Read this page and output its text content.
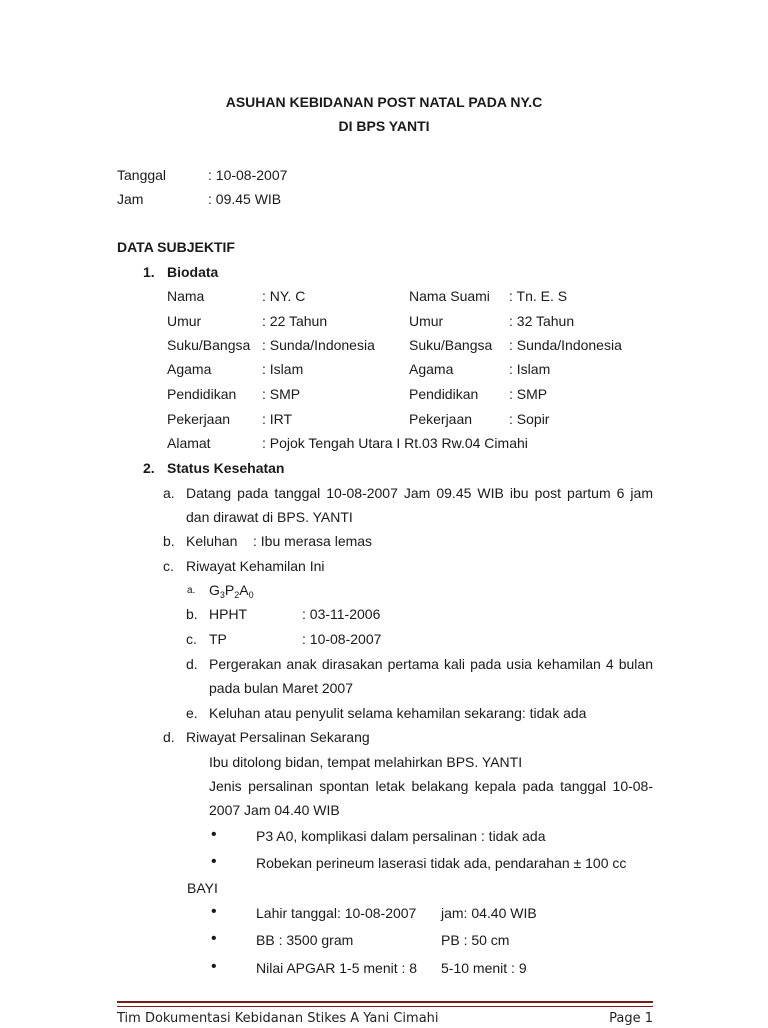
ASUHAN KEBIDANAN POST NATAL PADA NY.C
DI BPS YANTI
Tanggal	: 10-08-2007
Jam	: 09.45 WIB
DATA SUBJEKTIF
1. Biodata
Nama	: NY. C	Nama Suami : Tn. E. S
Umur	: 22 Tahun	Umur	: 32 Tahun
Suku/Bangsa : Sunda/Indonesia Suku/Bangsa : Sunda/Indonesia
Agama	: Islam	Agama	: Islam
Pendidikan : SMP	Pendidikan : SMP
Pekerjaan : IRT	Pekerjaan	: Sopir
Alamat	: Pojok Tengah Utara I Rt.03 Rw.04 Cimahi
2. Status Kesehatan
a. Datang pada tanggal 10-08-2007 Jam 09.45 WIB ibu post partum 6 jam
dan dirawat di BPS. YANTI
b. Keluhan : Ibu merasa lemas
c. Riwayat Kehamilan Ini
a. $G_3P_2A_0$
b. HPHT	: 03-11-2006
c. TP	: 10-08-2007
d. Pergerakan anak dirasakan pertama kali pada usia kehamilan 4 bulan
pada bulan Maret 2007
e. Keluhan atau penyulit selama kehamilan sekarang: tidak ada
d. Riwayat Persalinan Sekarang
Ibu ditolong bidan, tempat melahirkan BPS. YANTI
Jenis persalinan spontan letak belakang kepala pada tanggal 10-08-
2007 Jam 04.40 WIB
•	P3 A0, komplikasi dalam persalinan : tidak ada
•	Robekan perineum laserasi tidak ada, pendarahan ± 100 cc
BAYI
•	Lahir tanggal: 10-08-2007 jam: 04.40 WIB
•	BB : 3500 gram	PB : 50 cm
•	Nilai APGAR 1-5 menit : 8 5-10 menit : 9
Tim Dokumentasi Kebidanan Stikes A Yani Cimahi	Page 1
